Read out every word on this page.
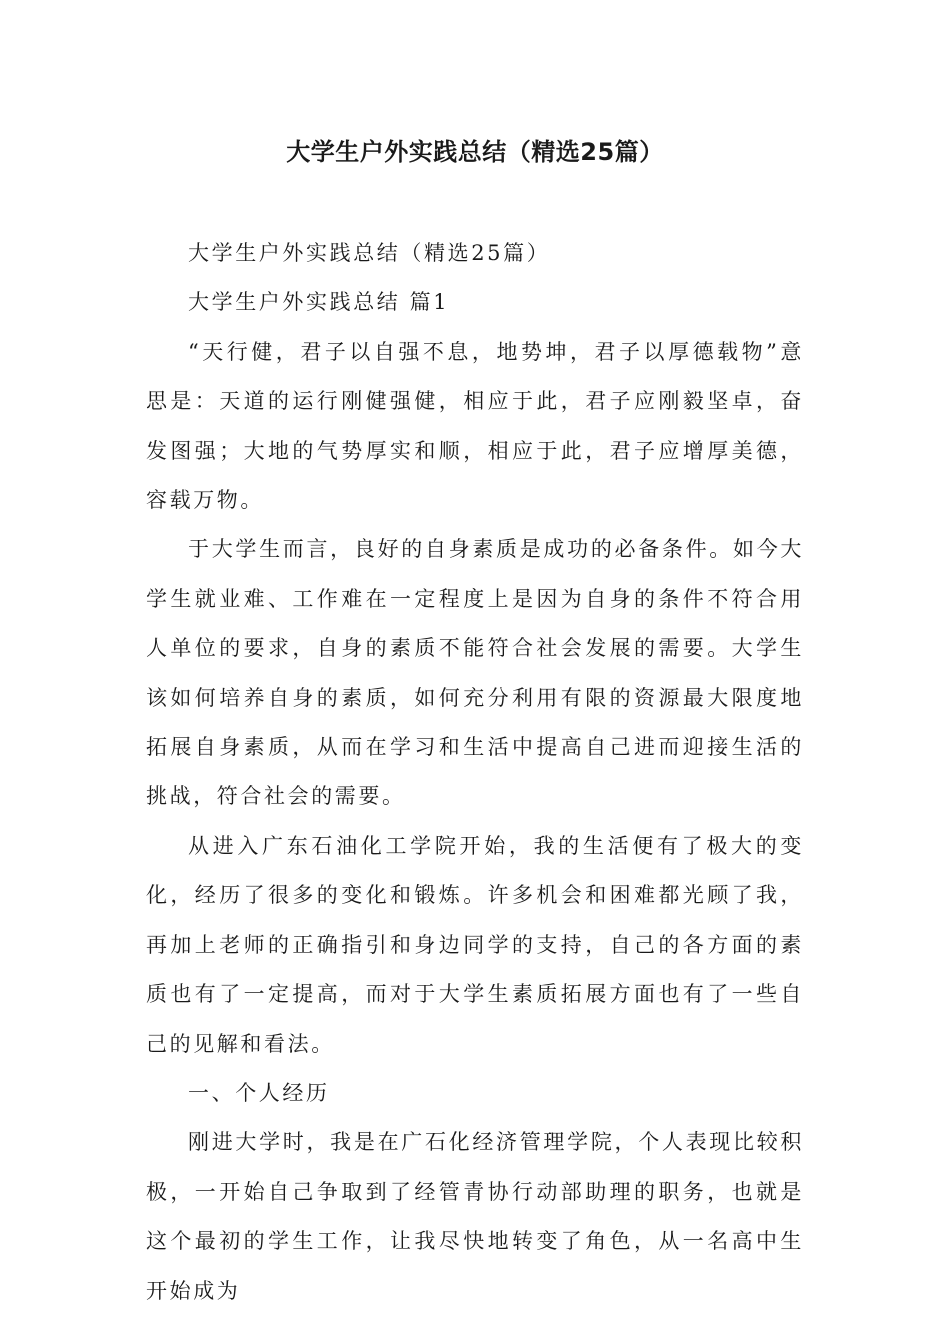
大学生户外实践总结（精选25篇）

大学生户外实践总结（精选25篇）

大学生户外实践总结 篇1

“天行健，君子以自强不息，地势坤，君子以厚德载物”意思是：天道的运行刚健强健，相应于此，君子应刚毅坚卓，奋发图强；大地的气势厚实和顺，相应于此，君子应增厚美德，容载万物。

于大学生而言，良好的自身素质是成功的必备条件。如今大学生就业难、工作难在一定程度上是因为自身的条件不符合用人单位的要求，自身的素质不能符合社会发展的需要。大学生该如何培养自身的素质，如何充分利用有限的资源最大限度地拓展自身素质，从而在学习和生活中提高自己进而迎接生活的挑战，符合社会的需要。

从进入广东石油化工学院开始，我的生活便有了极大的变化，经历了很多的变化和锻炼。许多机会和困难都光顾了我，再加上老师的正确指引和身边同学的支持，自己的各方面的素质也有了一定提高，而对于大学生素质拓展方面也有了一些自己的见解和看法。

一、个人经历

刚进大学时，我是在广石化经济管理学院，个人表现比较积极，一开始自己争取到了经管青协行动部助理的职务，也就是这个最初的学生工作，让我尽快地转变了角色，从一名高中生开始成为
